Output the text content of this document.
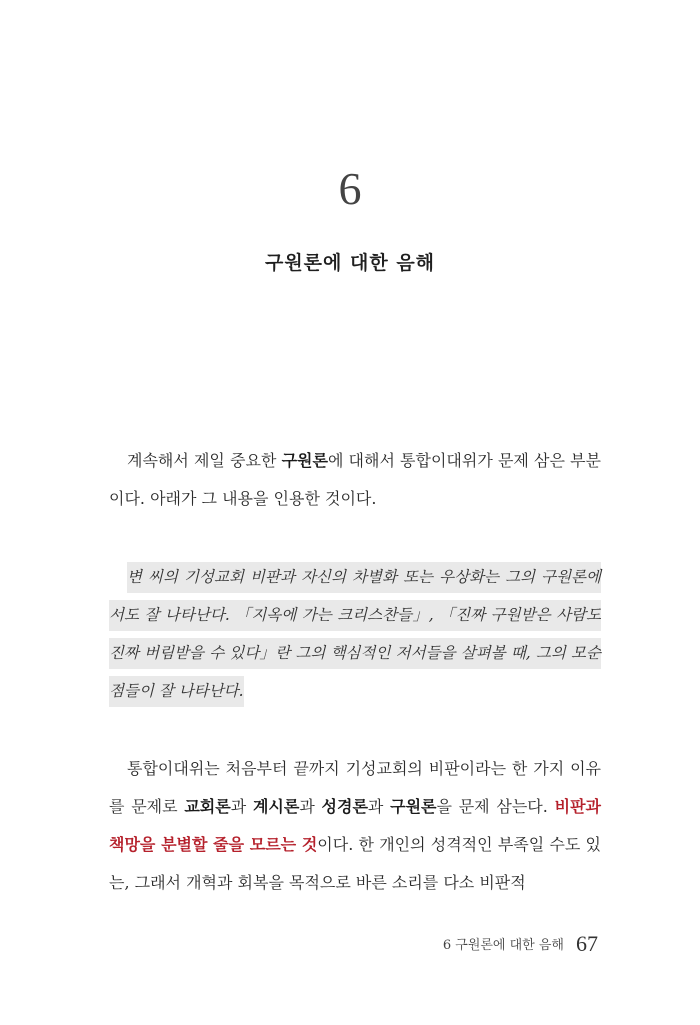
6
구원론에 대한 음해
계속해서 제일 중요한 구원론에 대해서 통합이대위가 문제 삼은 부분이다. 아래가 그 내용을 인용한 것이다.
변 씨의 기성교회 비판과 자신의 차별화 또는 우상화는 그의 구원론에서도 잘 나타난다. 「지옥에 가는 크리스찬들」, 「진짜 구원받은 사람도 진짜 버림받을 수 있다」란 그의 핵심적인 저서들을 살펴볼 때, 그의 모순점들이 잘 나타난다.
통합이대위는 처음부터 끝까지 기성교회의 비판이라는 한 가지 이유를 문제로 교회론과 계시론과 성경론과 구원론을 문제 삼는다. 비판과 책망을 분별할 줄을 모르는 것이다. 한 개인의 성격적인 부족일 수도 있는, 그래서 개혁과 회복을 목적으로 바른 소리를 다소 비판적
6 구원론에 대한 음해 67
